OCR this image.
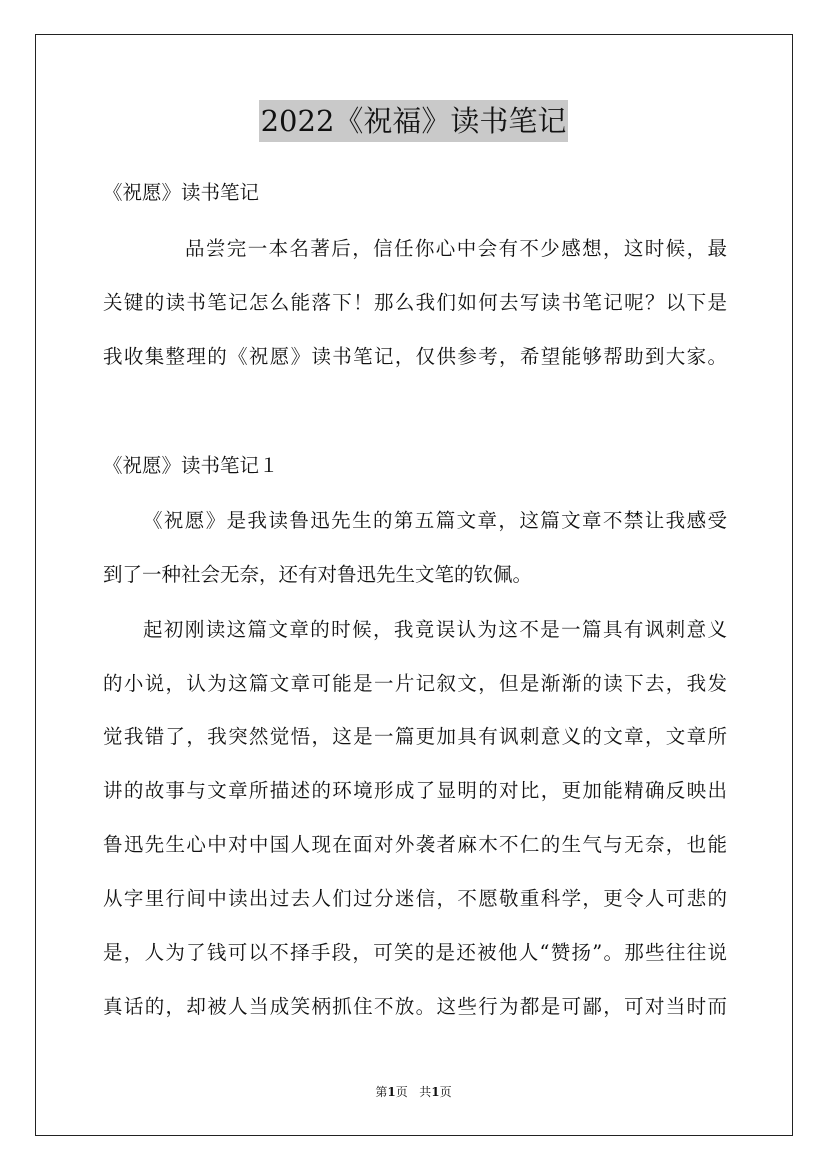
2022《祝福》读书笔记
《祝愿》读书笔记
品尝完一本名著后，信任你心中会有不少感想，这时候，最
关键的读书笔记怎么能落下！那么我们如何去写读书笔记呢？以下是
我收集整理的《祝愿》读书笔记，仅供参考，希望能够帮助到大家。
《祝愿》读书笔记１
《祝愿》是我读鲁迅先生的第五篇文章，这篇文章不禁让我感受
到了一种社会无奈，还有对鲁迅先生文笔的钦佩。
起初刚读这篇文章的时候，我竟误认为这不是一篇具有讽刺意义
的小说，认为这篇文章可能是一片记叙文，但是渐渐的读下去，我发
觉我错了，我突然觉悟，这是一篇更加具有讽刺意义的文章，文章所
讲的故事与文章所描述的环境形成了显明的对比，更加能精确反映出
鲁迅先生心中对中国人现在面对外袭者麻木不仁的生气与无奈，也能
从字里行间中读出过去人们过分迷信，不愿敬重科学，更令人可悲的
是，人为了钱可以不择手段，可笑的是还被他人“赞扬”。那些往往说
真话的，却被人当成笑柄抓住不放。这些行为都是可鄙，可对当时而
第1页 共1页
